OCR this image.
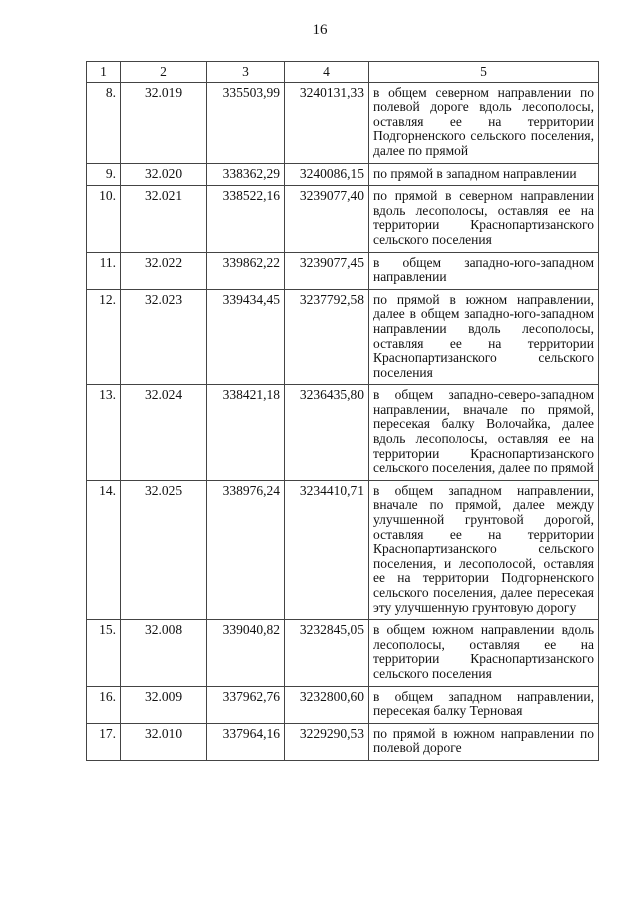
16
1	2	3	4	5
8.	32.019	335503,99	3240131,33	в общем северном направлении по полевой дороге вдоль лесополосы, оставляя ее на территории Подгорненского сельского поселения, далее по прямой
9.	32.020	338362,29	3240086,15	по прямой в западном направлении
10.	32.021	338522,16	3239077,40	по прямой в северном направлении вдоль лесополосы, оставляя ее на территории Краснопартизанского сельского поселения
11.	32.022	339862,22	3239077,45	в общем западно-юго-западном направлении
12.	32.023	339434,45	3237792,58	по прямой в южном направлении, далее в общем западно-юго-западном направлении вдоль лесополосы, оставляя ее на территории Краснопартизанского сельского поселения
13.	32.024	338421,18	3236435,80	в общем западно-северо-западном направлении, вначале по прямой, пересекая балку Волочайка, далее вдоль лесополосы, оставляя ее на территории Краснопартизанского сельского поселения, далее по прямой
14.	32.025	338976,24	3234410,71	в общем западном направлении, вначале по прямой, далее между улучшенной грунтовой дорогой, оставляя ее на территории Краснопартизанского сельского поселения, и лесополосой, оставляя ее на территории Подгорненского сельского поселения, далее пересекая эту улучшенную грунтовую дорогу
15.	32.008	339040,82	3232845,05	в общем южном направлении вдоль лесополосы, оставляя ее на территории Краснопартизанского сельского поселения
16.	32.009	337962,76	3232800,60	в общем западном направлении, пересекая балку Терновая
17.	32.010	337964,16	3229290,53	по прямой в южном направлении по полевой дороге
